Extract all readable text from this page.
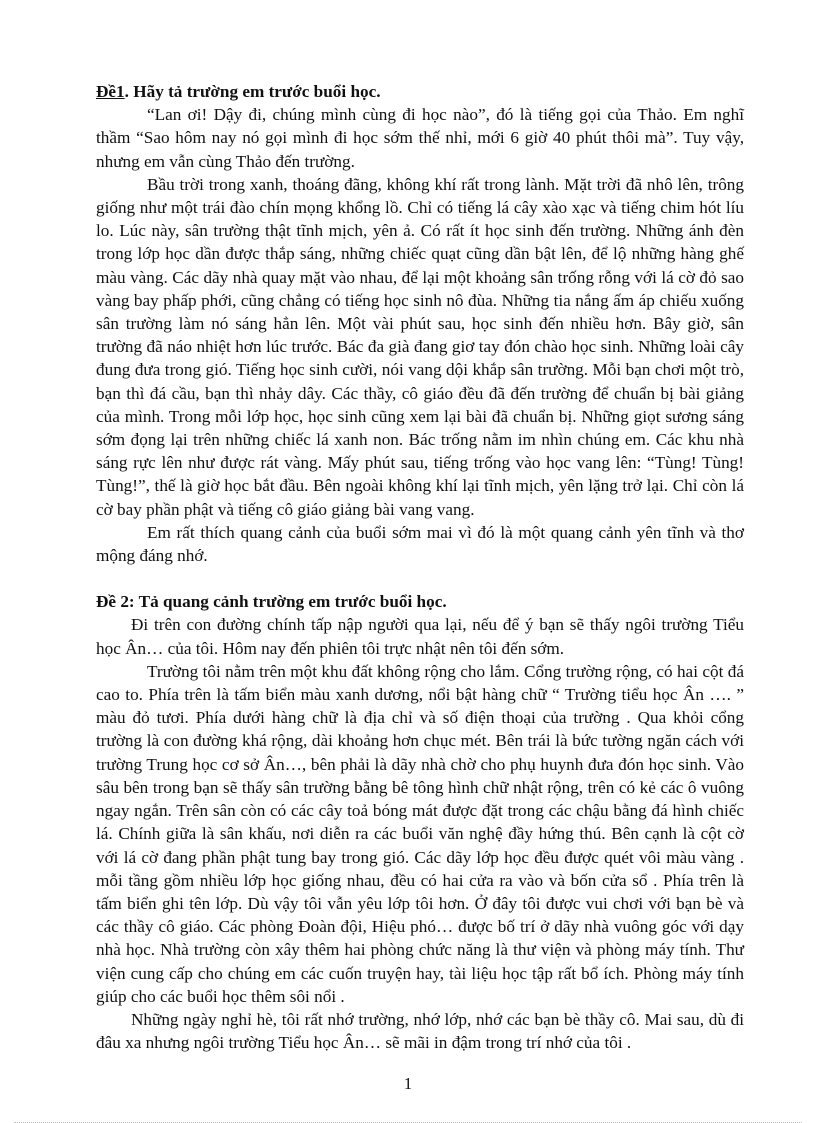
Đề1. Hãy tả trường em trước buổi học.

“Lan ơi! Dậy đi, chúng mình cùng đi học nào”, đó là tiếng gọi của Thảo. Em nghĩ thầm “Sao hôm nay nó gọi mình đi học sớm thế nhỉ, mới 6 giờ 40 phút thôi mà”. Tuy vậy, nhưng em vẫn cùng Thảo đến trường.

Bầu trời trong xanh, thoáng đãng, không khí rất trong lành. Mặt trời đã nhô lên, trông giống như một trái đào chín mọng khổng lồ. Chỉ có tiếng lá cây xào xạc và tiếng chim hót líu lo. Lúc này, sân trường thật tĩnh mịch, yên ả. Có rất ít học sinh đến trường. Những ánh đèn trong lớp học dần được thắp sáng, những chiếc quạt cũng dần bật lên, để lộ những hàng ghế màu vàng. Các dãy nhà quay mặt vào nhau, để lại một khoảng sân trống rỗng với lá cờ đỏ sao vàng bay phấp phới, cũng chẳng có tiếng học sinh nô đùa. Những tia nắng ấm áp chiếu xuống sân trường làm nó sáng hẳn lên. Một vài phút sau, học sinh đến nhiều hơn. Bây giờ, sân trường đã náo nhiệt hơn lúc trước. Bác đa già đang giơ tay đón chào học sinh. Những loài cây đung đưa trong gió. Tiếng học sinh cười, nói vang dội khắp sân trường. Mỗi bạn chơi một trò, bạn thì đá cầu, bạn thì nhảy dây. Các thầy, cô giáo đều đã đến trường để chuẩn bị bài giảng của mình. Trong mỗi lớp học, học sinh cũng xem lại bài đã chuẩn bị. Những giọt sương sáng sớm đọng lại trên những chiếc lá xanh non. Bác trống nằm im nhìn chúng em. Các khu nhà sáng rực lên như được rát vàng. Mấy phút sau, tiếng trống vào học vang lên: “Tùng! Tùng! Tùng!”, thế là giờ học bắt đầu. Bên ngoài không khí lại tĩnh mịch, yên lặng trở lại. Chỉ còn lá cờ bay phần phật và tiếng cô giáo giảng bài vang vang.

Em rất thích quang cảnh của buổi sớm mai vì đó là một quang cảnh yên tĩnh và thơ mộng đáng nhớ.

Đề 2: Tả quang cảnh trường em trước buổi học.

Đi trên con đường chính tấp nập người qua lại, nếu để ý bạn sẽ thấy ngôi trường Tiểu học Ân… của tôi. Hôm nay đến phiên tôi trực nhật nên tôi đến sớm.

Trường tôi nằm trên một khu đất không rộng cho lắm. Cổng trường rộng, có hai cột đá cao to. Phía trên là tấm biển màu xanh dương, nổi bật hàng chữ “ Trường tiểu học Ân …. ” màu đỏ tươi. Phía dưới hàng chữ là địa chỉ và số điện thoại của trường . Qua khỏi cổng trường là con đường khá rộng, dài khoảng hơn chục mét. Bên trái là bức tường ngăn cách với trường Trung học cơ sở Ân…, bên phải là dãy nhà chờ cho phụ huynh đưa đón học sinh. Vào sâu bên trong bạn sẽ thấy sân trường bằng bê tông hình chữ nhật rộng, trên có kẻ các ô vuông ngay ngắn. Trên sân còn có các cây toả bóng mát được đặt trong các chậu bằng đá hình chiếc lá. Chính giữa là sân khấu, nơi diễn ra các buổi văn nghệ đầy hứng thú. Bên cạnh là cột cờ với lá cờ đang phần phật tung bay trong gió. Các dãy lớp học đều được quét vôi màu vàng . mỗi tầng gồm nhiều lớp học giống nhau, đều có hai cửa ra vào và bốn cửa sổ . Phía trên là tấm biển ghi tên lớp. Dù vậy tôi vẫn yêu lớp tôi hơn. Ở đây tôi được vui chơi với bạn bè và các thầy cô giáo. Các phòng Đoàn đội, Hiệu phó… được bố trí ở dãy nhà vuông góc với dạy nhà học. Nhà trường còn xây thêm hai phòng chức năng là thư viện và phòng máy tính. Thư viện cung cấp cho chúng em các cuốn truyện hay, tài liệu học tập rất bổ ích. Phòng máy tính giúp cho các buổi học thêm sôi nổi .

Những ngày nghỉ hè, tôi rất nhớ trường, nhớ lớp, nhớ các bạn bè thầy cô. Mai sau, dù đi đâu xa nhưng ngôi trường Tiểu học Ân… sẽ mãi in đậm trong trí nhớ của tôi .

1
